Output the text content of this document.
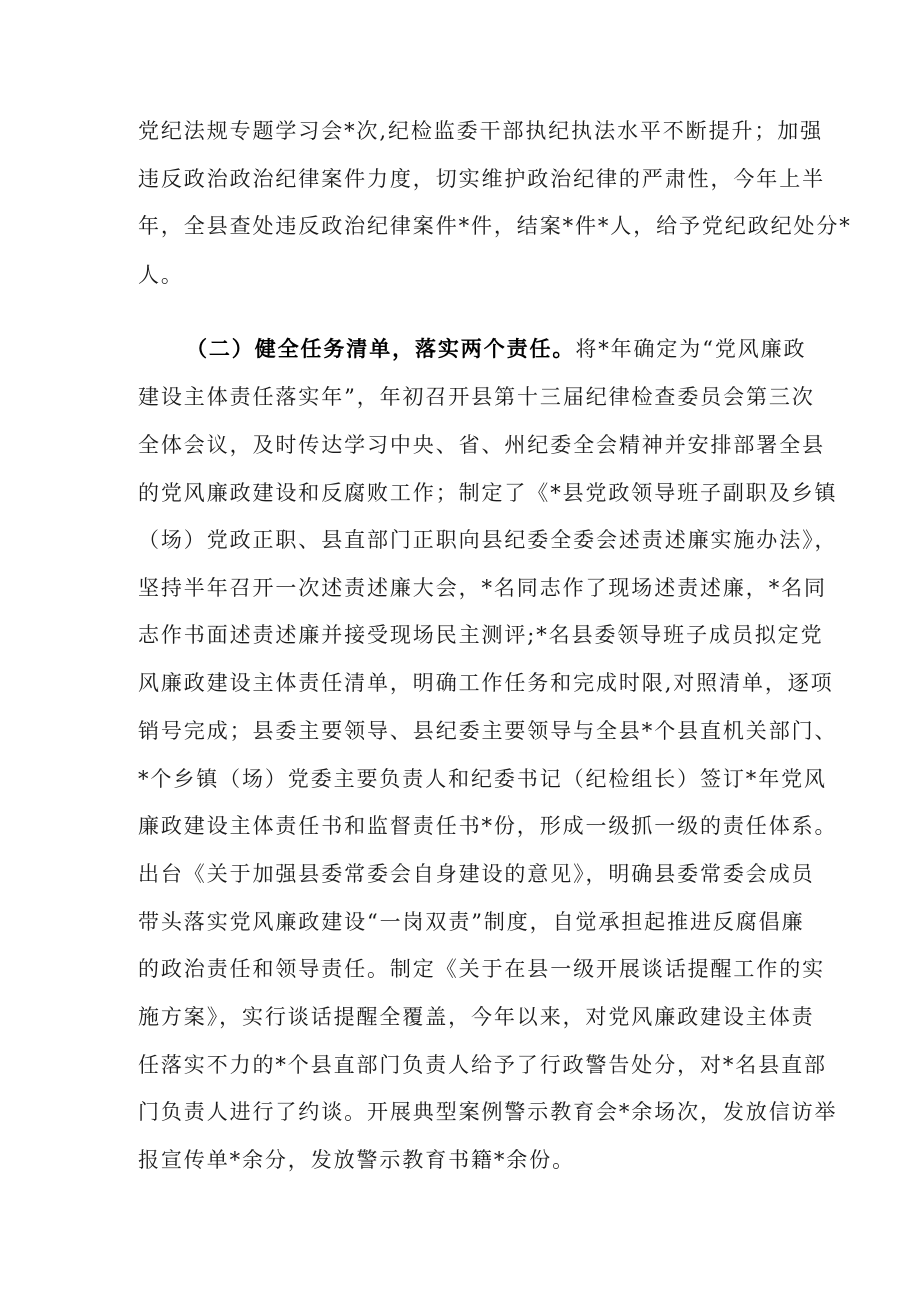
党纪法规专题学习会*次,纪检监委干部执纪执法水平不断提升；加强

违反政治政治纪律案件力度，切实维护政治纪律的严肃性，今年上半

年，全县查处违反政治纪律案件*件，结案*件*人，给予党纪政纪处分*

人。

（二）健全任务清单，落实两个责任。将*年确定为“党风廉政

建设主体责任落实年”，年初召开县第十三届纪律检查委员会第三次

全体会议，及时传达学习中央、省、州纪委全会精神并安排部署全县

的党风廉政建设和反腐败工作；制定了《*县党政领导班子副职及乡镇

（场）党政正职、县直部门正职向县纪委全委会述责述廉实施办法》，

坚持半年召开一次述责述廉大会，*名同志作了现场述责述廉，*名同

志作书面述责述廉并接受现场民主测评;*名县委领导班子成员拟定党

风廉政建设主体责任清单，明确工作任务和完成时限,对照清单，逐项

销号完成；县委主要领导、县纪委主要领导与全县*个县直机关部门、

*个乡镇（场）党委主要负责人和纪委书记（纪检组长）签订*年党风

廉政建设主体责任书和监督责任书*份，形成一级抓一级的责任体系。

出台《关于加强县委常委会自身建设的意见》，明确县委常委会成员

带头落实党风廉政建设“一岗双责”制度，自觉承担起推进反腐倡廉

的政治责任和领导责任。制定《关于在县一级开展谈话提醒工作的实

施方案》，实行谈话提醒全覆盖，今年以来，对党风廉政建设主体责

任落实不力的*个县直部门负责人给予了行政警告处分，对*名县直部

门负责人进行了约谈。开展典型案例警示教育会*余场次，发放信访举

报宣传单*余分，发放警示教育书籍*余份。
